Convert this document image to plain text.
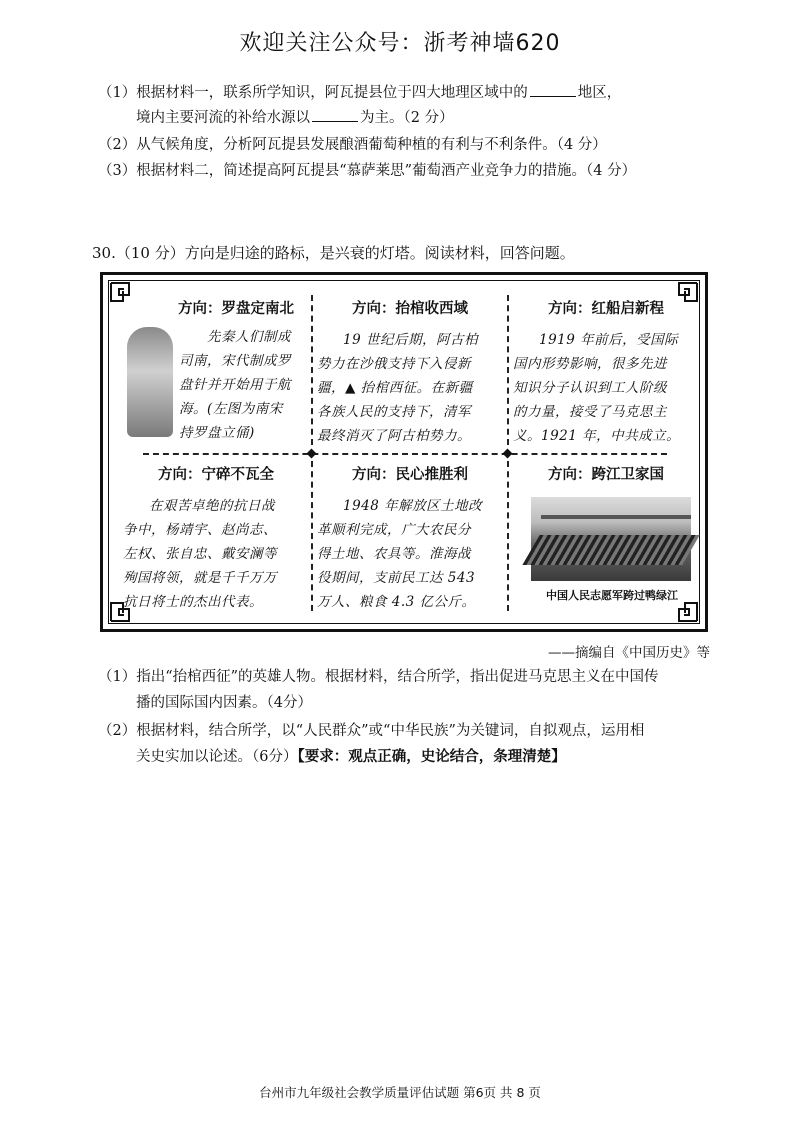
欢迎关注公众号：浙考神墙620
（1）根据材料一，联系所学知识，阿瓦提县位于四大地理区域中的	地区，
境内主要河流的补给水源以	为主。（2 分）
（2）从气候角度，分析阿瓦提县发展酿酒葡萄种植的有利与不利条件。（4 分）
（3）根据材料二，简述提高阿瓦提县“慕萨莱思”葡萄酒产业竞争力的措施。（4 分）
30.（10 分）方向是归途的路标，是兴衰的灯塔。阅读材料，回答问题。
方向：罗盘定南北
先秦人们制成
司南，宋代制成罗
盘针并开始用于航
海。(左图为南宋
持罗盘立俑)
方向：抬棺收西域
19 世纪后期，阿古柏
势力在沙俄支持下入侵新
疆，▲ 抬棺西征。在新疆
各族人民的支持下，清军
最终消灭了阿古柏势力。
方向：红船启新程
1919 年前后，受国际
国内形势影响，很多先进
知识分子认识到工人阶级
的力量，接受了马克思主
义。1921 年，中共成立。
方向：宁碎不瓦全
在艰苦卓绝的抗日战
争中，杨靖宇、赵尚志、
左权、张自忠、戴安澜等
殉国将领，就是千千万万
抗日将士的杰出代表。
方向：民心推胜利
1948 年解放区土地改
革顺利完成，广大农民分
得土地、农具等。淮海战
役期间，支前民工达 543
万人、粮食 4.3 亿公斤。
方向：跨江卫家国
中国人民志愿军跨过鸭绿江
——摘编自《中国历史》等
（1）指出“抬棺西征”的英雄人物。根据材料，结合所学，指出促进马克思主义在中国传
播的国际国内因素。（4分）
（2）根据材料，结合所学，以“人民群众”或“中华民族”为关键词，自拟观点，运用相
关史实加以论述。（6分）【要求：观点正确，史论结合，条理清楚】
台州市九年级社会教学质量评估试题 第6页 共 8 页
